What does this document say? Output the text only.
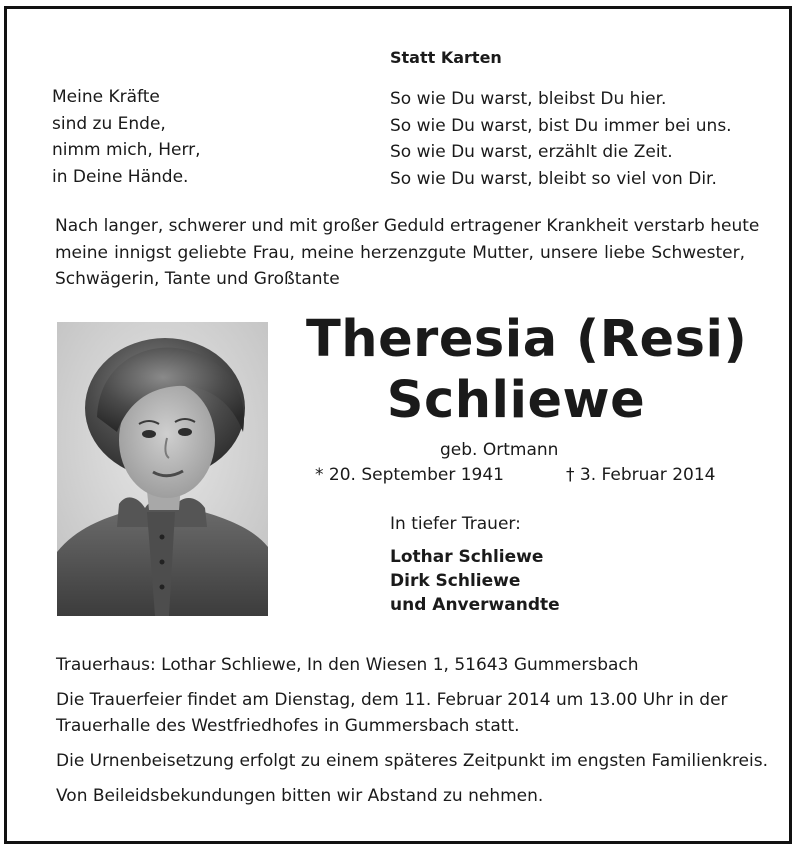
Statt Karten
Meine Kräfte
sind zu Ende,
nimm mich, Herr,
in Deine Hände.
So wie Du warst, bleibst Du hier.
So wie Du warst, bist Du immer bei uns.
So wie Du warst, erzählt die Zeit.
So wie Du warst, bleibt so viel von Dir.
Nach langer, schwerer und mit großer Geduld ertragener Krankheit verstarb heute
meine innigst geliebte Frau, meine herzenzgute Mutter, unsere liebe Schwester,
Schwägerin, Tante und Großtante
Theresia (Resi)
Schliewe
geb. Ortmann
* 20. September 1941	† 3. Februar 2014
In tiefer Trauer:
Lothar Schliewe
Dirk Schliewe
und Anverwandte
Trauerhaus: Lothar Schliewe, In den Wiesen 1, 51643 Gummersbach
Die Trauerfeier findet am Dienstag, dem 11. Februar 2014 um 13.00 Uhr in der
Trauerhalle des Westfriedhofes in Gummersbach statt.
Die Urnenbeisetzung erfolgt zu einem späteres Zeitpunkt im engsten Familienkreis.
Von Beileidsbekundungen bitten wir Abstand zu nehmen.
